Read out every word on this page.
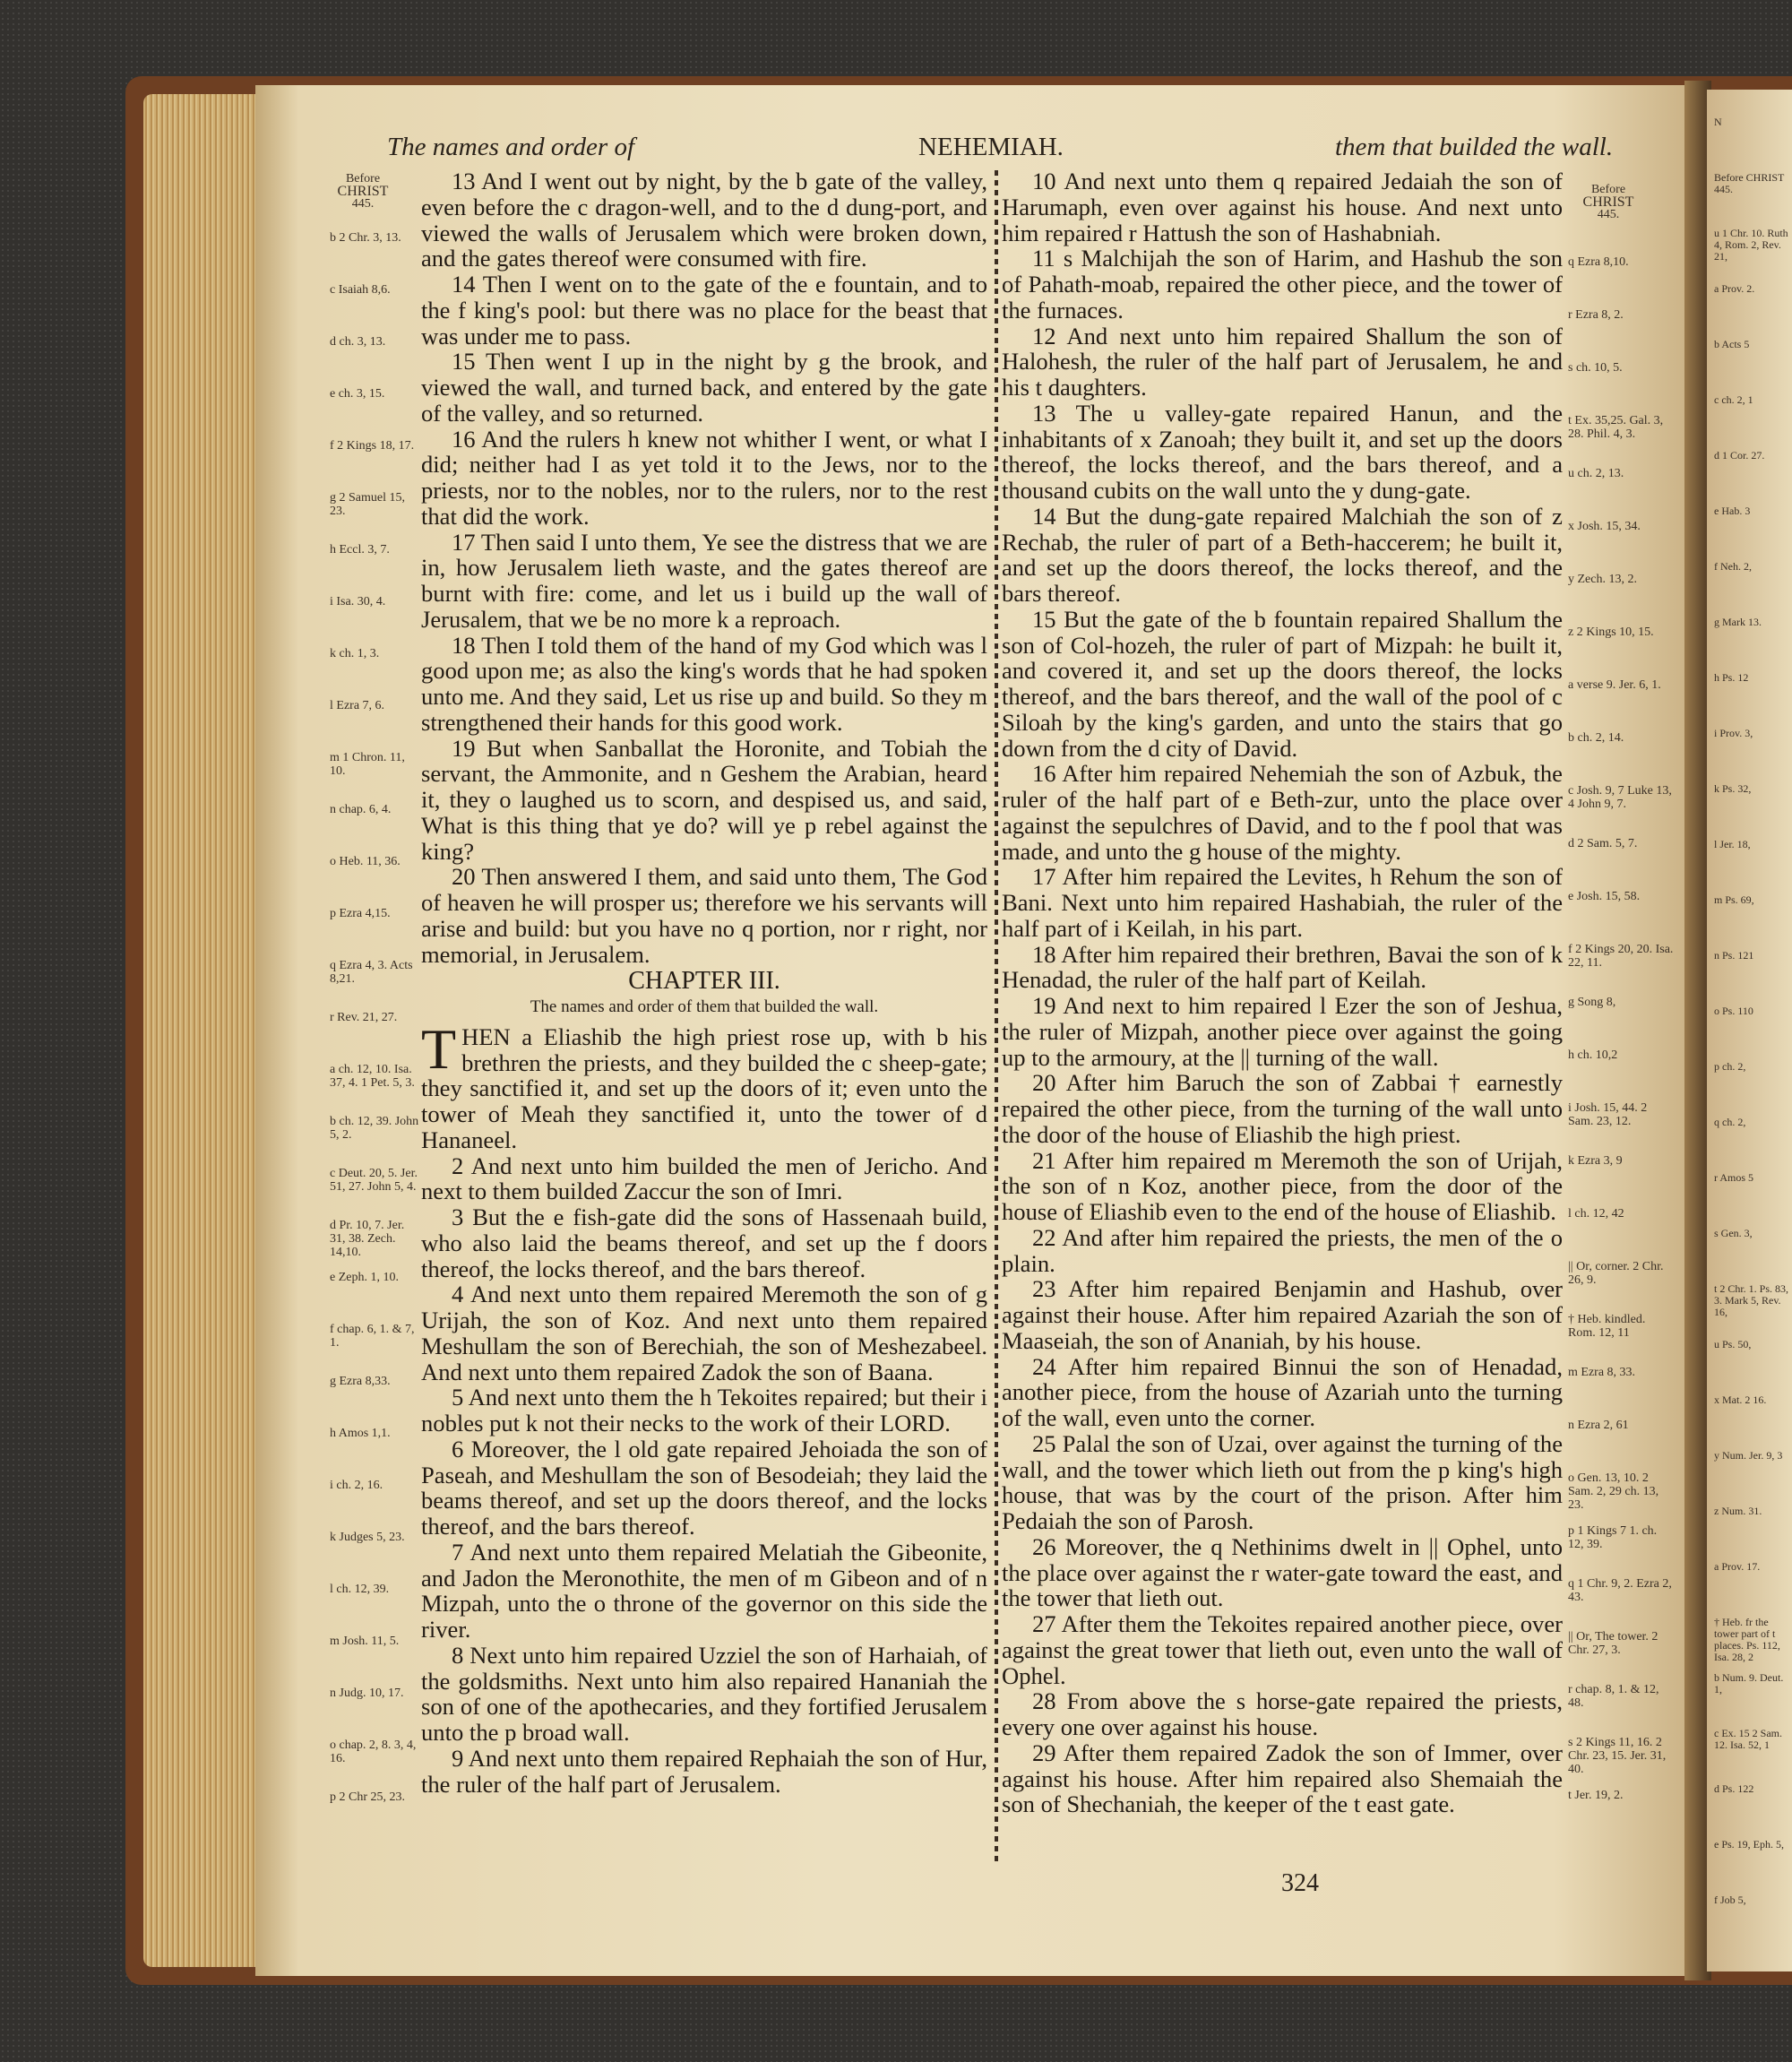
N
Before CHRIST 445.
u 1 Chr. 10. Ruth 4, Rom. 2, Rev. 21,
a Prov. 2.
b Acts 5
c ch. 2, 1
d 1 Cor. 27.
e Hab. 3
f Neh. 2,
g Mark 13.
h Ps. 12
i Prov. 3,
k Ps. 32,
l Jer. 18,
m Ps. 69,
n Ps. 121
o Ps. 110
p ch. 2,
q ch. 2,
r Amos 5
s Gen. 3,
t 2 Chr. 1. Ps. 83, 3. Mark 5, Rev. 16,
u Ps. 50,
x Mat. 2 16.
y Num. Jer. 9, 3
z Num. 31.
a Prov. 17.
† Heb. fr the tower part of t places. Ps. 112, Isa. 28, 2
b Num. 9. Deut. 1,
c Ex. 15 2 Sam. 12. Isa. 52, 1
d Ps. 122
e Ps. 19, Eph. 5,
f Job 5,
The names and order of	NEHEMIAH.	them that builded the wall.
Before
CHRIST
445.
Before
CHRIST
445.
b 2 Chr. 3, 13.
c Isaiah 8,6.
d ch. 3, 13.
e ch. 3, 15.
f 2 Kings 18, 17.
g 2 Samuel 15, 23.
h Eccl. 3, 7.
i Isa. 30, 4.
k ch. 1, 3.
l Ezra 7, 6.
m 1 Chron. 11, 10.
n chap. 6, 4.
o Heb. 11, 36.
p Ezra 4,15.
q Ezra 4, 3. Acts 8,21.
r Rev. 21, 27.
a ch. 12, 10. Isa. 37, 4. 1 Pet. 5, 3.
b ch. 12, 39. John 5, 2.
c Deut. 20, 5. Jer. 51, 27. John 5, 4.
d Pr. 10, 7. Jer. 31, 38. Zech. 14,10.
e Zeph. 1, 10.
f chap. 6, 1. & 7, 1.
g Ezra 8,33.
h Amos 1,1.
i ch. 2, 16.
k Judges 5, 23.
l ch. 12, 39.
m Josh. 11, 5.
n Judg. 10, 17.
o chap. 2, 8. 3, 4, 16.
p 2 Chr 25, 23.
q Ezra 8,10.
r Ezra 8, 2.
s ch. 10, 5.
t Ex. 35,25. Gal. 3, 28. Phil. 4, 3.
u ch. 2, 13.
x Josh. 15, 34.
y Zech. 13, 2.
z 2 Kings 10, 15.
a verse 9. Jer. 6, 1.
b ch. 2, 14.
c Josh. 9, 7 Luke 13, 4 John 9, 7.
d 2 Sam. 5, 7.
e Josh. 15, 58.
f 2 Kings 20, 20. Isa. 22, 11.
g Song 8,
h ch. 10,2
i Josh. 15, 44. 2 Sam. 23, 12.
k Ezra 3, 9
l ch. 12, 42
|| Or, corner. 2 Chr. 26, 9.
† Heb. kindled. Rom. 12, 11
m Ezra 8, 33.
n Ezra 2, 61
o Gen. 13, 10. 2 Sam. 2, 29 ch. 13, 23.
p 1 Kings 7 1. ch. 12, 39.
q 1 Chr. 9, 2. Ezra 2, 43.
|| Or, The tower. 2 Chr. 27, 3.
r chap. 8, 1. & 12, 48.
s 2 Kings 11, 16. 2 Chr. 23, 15. Jer. 31, 40.
t Jer. 19, 2.

13 And I went out by night, by the b gate of the valley, even before the c dragon-well, and to the d dung-port, and viewed the walls of Jerusalem which were broken down, and the gates thereof were consumed with fire.

14 Then I went on to the gate of the e fountain, and to the f king's pool: but there was no place for the beast that was under me to pass.

15 Then went I up in the night by g the brook, and viewed the wall, and turned back, and entered by the gate of the valley, and so returned.

16 And the rulers h knew not whither I went, or what I did; neither had I as yet told it to the Jews, nor to the priests, nor to the nobles, nor to the rulers, nor to the rest that did the work.

17 Then said I unto them, Ye see the distress that we are in, how Jerusalem lieth waste, and the gates thereof are burnt with fire: come, and let us i build up the wall of Jerusalem, that we be no more k a reproach.

18 Then I told them of the hand of my God which was l good upon me; as also the king's words that he had spoken unto me. And they said, Let us rise up and build. So they m strengthened their hands for this good work.

19 But when Sanballat the Horonite, and Tobiah the servant, the Ammonite, and n Geshem the Arabian, heard it, they o laughed us to scorn, and despised us, and said, What is this thing that ye do? will ye p rebel against the king?

20 Then answered I them, and said unto them, The God of heaven he will prosper us; therefore we his servants will arise and build: but you have no q portion, nor r right, nor memorial, in Jerusalem.

CHAPTER III.
The names and order of them that builded the wall.

THEN a Eliashib the high priest rose up, with b his brethren the priests, and they builded the c sheep-gate; they sanctified it, and set up the doors of it; even unto the tower of Meah they sanctified it, unto the tower of d Hananeel.

2 And next unto him builded the men of Jericho. And next to them builded Zaccur the son of Imri.

3 But the e fish-gate did the sons of Hassenaah build, who also laid the beams thereof, and set up the f doors thereof, the locks thereof, and the bars thereof.

4 And next unto them repaired Meremoth the son of g Urijah, the son of Koz. And next unto them repaired Meshullam the son of Berechiah, the son of Meshezabeel. And next unto them repaired Zadok the son of Baana.

5 And next unto them the h Tekoites repaired; but their i nobles put k not their necks to the work of their LORD.

6 Moreover, the l old gate repaired Jehoiada the son of Paseah, and Meshullam the son of Besodeiah; they laid the beams thereof, and set up the doors thereof, and the locks thereof, and the bars thereof.

7 And next unto them repaired Melatiah the Gibeonite, and Jadon the Meronothite, the men of m Gibeon and of n Mizpah, unto the o throne of the governor on this side the river.

8 Next unto him repaired Uzziel the son of Harhaiah, of the goldsmiths. Next unto him also repaired Hananiah the son of one of the apothecaries, and they fortified Jerusalem unto the p broad wall.

9 And next unto them repaired Rephaiah the son of Hur, the ruler of the half part of Jerusalem.

10 And next unto them q repaired Jedaiah the son of Harumaph, even over against his house. And next unto him repaired r Hattush the son of Hashabniah.

11 s Malchijah the son of Harim, and Hashub the son of Pahath-moab, repaired the other piece, and the tower of the furnaces.

12 And next unto him repaired Shallum the son of Halohesh, the ruler of the half part of Jerusalem, he and his t daughters.

13 The u valley-gate repaired Hanun, and the inhabitants of x Zanoah; they built it, and set up the doors thereof, the locks thereof, and the bars thereof, and a thousand cubits on the wall unto the y dung-gate.

14 But the dung-gate repaired Malchiah the son of z Rechab, the ruler of part of a Beth-haccerem; he built it, and set up the doors thereof, the locks thereof, and the bars thereof.

15 But the gate of the b fountain repaired Shallum the son of Col-hozeh, the ruler of part of Mizpah: he built it, and covered it, and set up the doors thereof, the locks thereof, and the bars thereof, and the wall of the pool of c Siloah by the king's garden, and unto the stairs that go down from the d city of David.

16 After him repaired Nehemiah the son of Azbuk, the ruler of the half part of e Beth-zur, unto the place over against the sepulchres of David, and to the f pool that was made, and unto the g house of the mighty.

17 After him repaired the Levites, h Rehum the son of Bani. Next unto him repaired Hashabiah, the ruler of the half part of i Keilah, in his part.

18 After him repaired their brethren, Bavai the son of k Henadad, the ruler of the half part of Keilah.

19 And next to him repaired l Ezer the son of Jeshua, the ruler of Mizpah, another piece over against the going up to the armoury, at the || turning of the wall.

20 After him Baruch the son of Zabbai † earnestly repaired the other piece, from the turning of the wall unto the door of the house of Eliashib the high priest.

21 After him repaired m Meremoth the son of Urijah, the son of n Koz, another piece, from the door of the house of Eliashib even to the end of the house of Eliashib.

22 And after him repaired the priests, the men of the o plain.

23 After him repaired Benjamin and Hashub, over against their house. After him repaired Azariah the son of Maaseiah, the son of Ananiah, by his house.

24 After him repaired Binnui the son of Henadad, another piece, from the house of Azariah unto the turning of the wall, even unto the corner.

25 Palal the son of Uzai, over against the turning of the wall, and the tower which lieth out from the p king's high house, that was by the court of the prison. After him Pedaiah the son of Parosh.

26 Moreover, the q Nethinims dwelt in || Ophel, unto the place over against the r water-gate toward the east, and the tower that lieth out.

27 After them the Tekoites repaired another piece, over against the great tower that lieth out, even unto the wall of Ophel.

28 From above the s horse-gate repaired the priests, every one over against his house.

29 After them repaired Zadok the son of Immer, over against his house. After him repaired also Shemaiah the son of Shechaniah, the keeper of the t east gate.

324
